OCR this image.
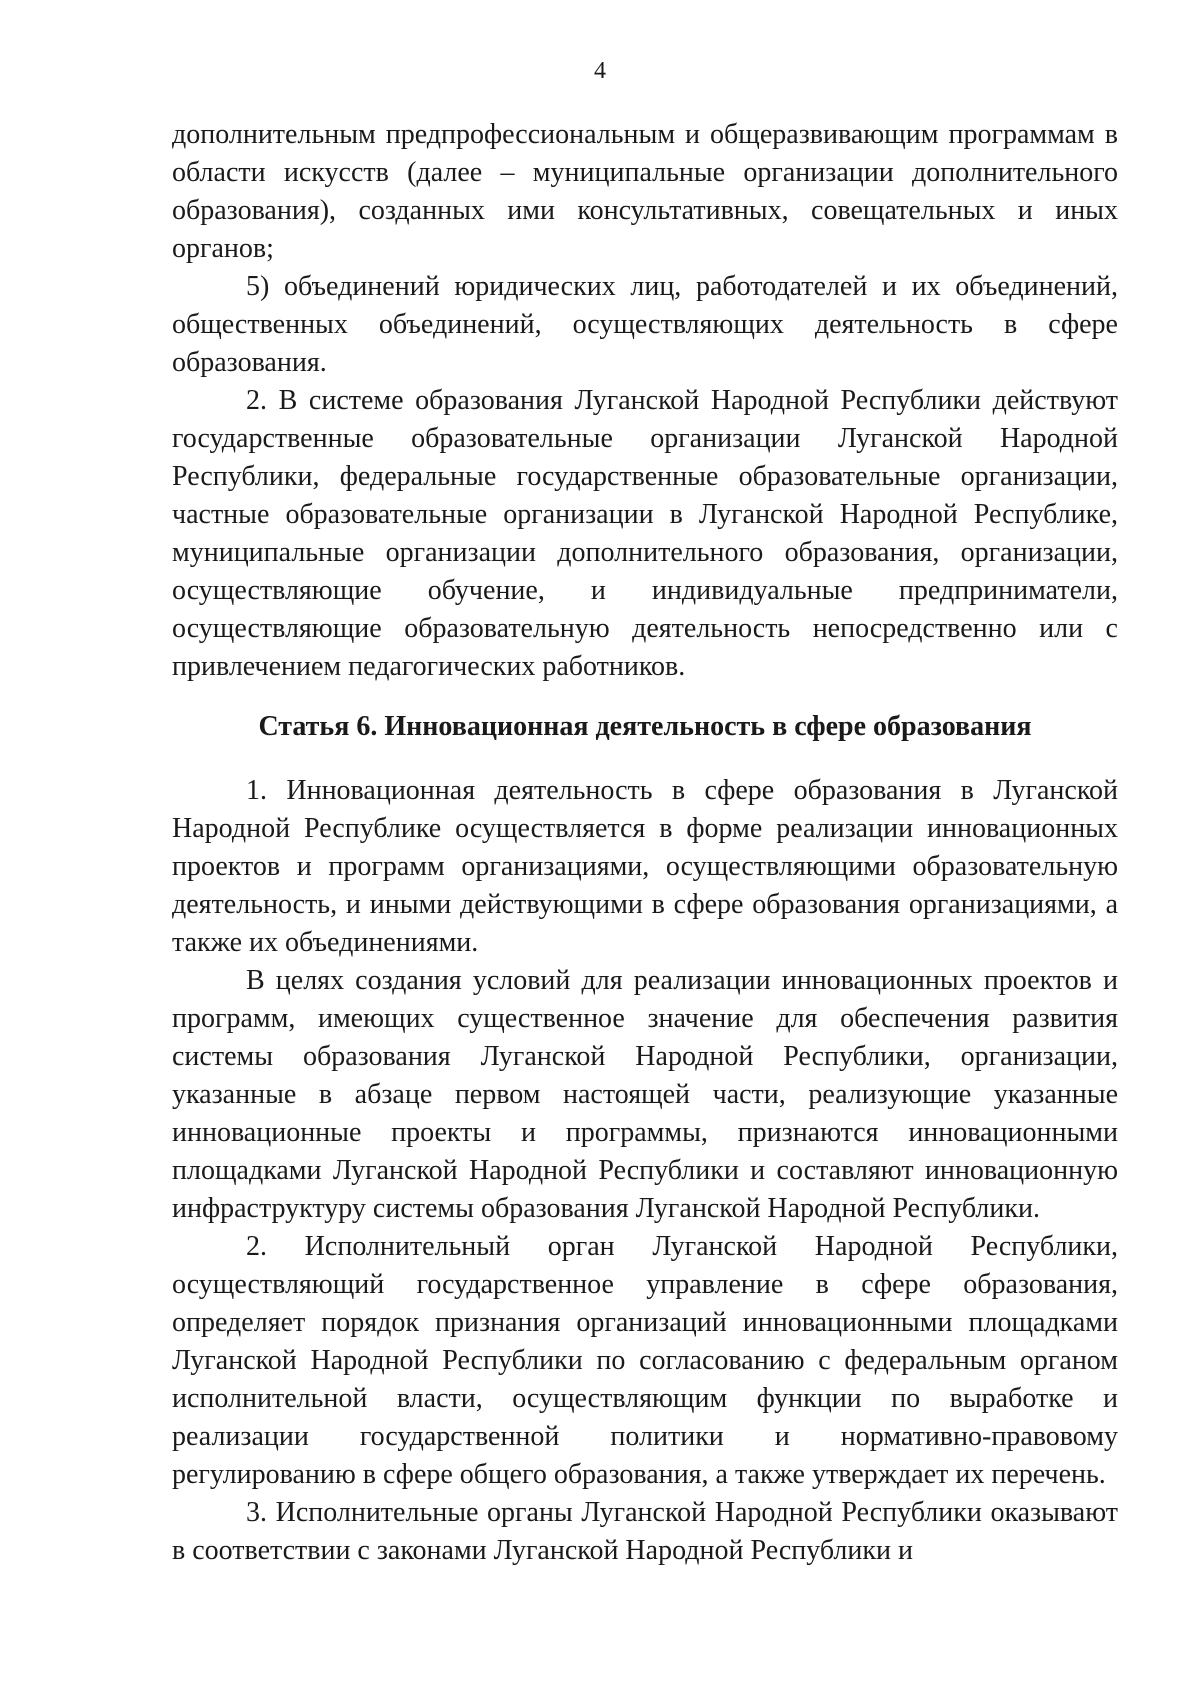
4

дополнительным предпрофессиональным и общеразвивающим программам в области искусств (далее – муниципальные организации дополнительного образования), созданных ими консультативных, совещательных и иных органов;

5) объединений юридических лиц, работодателей и их объединений, общественных объединений, осуществляющих деятельность в сфере образования.

2. В системе образования Луганской Народной Республики действуют государственные образовательные организации Луганской Народной Республики, федеральные государственные образовательные организации, частные образовательные организации в Луганской Народной Республике, муниципальные организации дополнительного образования, организации, осуществляющие обучение, и индивидуальные предприниматели, осуществляющие образовательную деятельность непосредственно или с привлечением педагогических работников.

Статья 6. Инновационная деятельность в сфере образования

1. Инновационная деятельность в сфере образования в Луганской Народной Республике осуществляется в форме реализации инновационных проектов и программ организациями, осуществляющими образовательную деятельность, и иными действующими в сфере образования организациями, а также их объединениями.

В целях создания условий для реализации инновационных проектов и программ, имеющих существенное значение для обеспечения развития системы образования Луганской Народной Республики, организации, указанные в абзаце первом настоящей части, реализующие указанные инновационные проекты и программы, признаются инновационными площадками Луганской Народной Республики и составляют инновационную инфраструктуру системы образования Луганской Народной Республики.

2. Исполнительный орган Луганской Народной Республики, осуществляющий государственное управление в сфере образования, определяет порядок признания организаций инновационными площадками Луганской Народной Республики по согласованию с федеральным органом исполнительной власти, осуществляющим функции по выработке и реализации государственной политики и нормативно-правовому регулированию в сфере общего образования, а также утверждает их перечень.

3. Исполнительные органы Луганской Народной Республики оказывают в соответствии с законами Луганской Народной Республики и
